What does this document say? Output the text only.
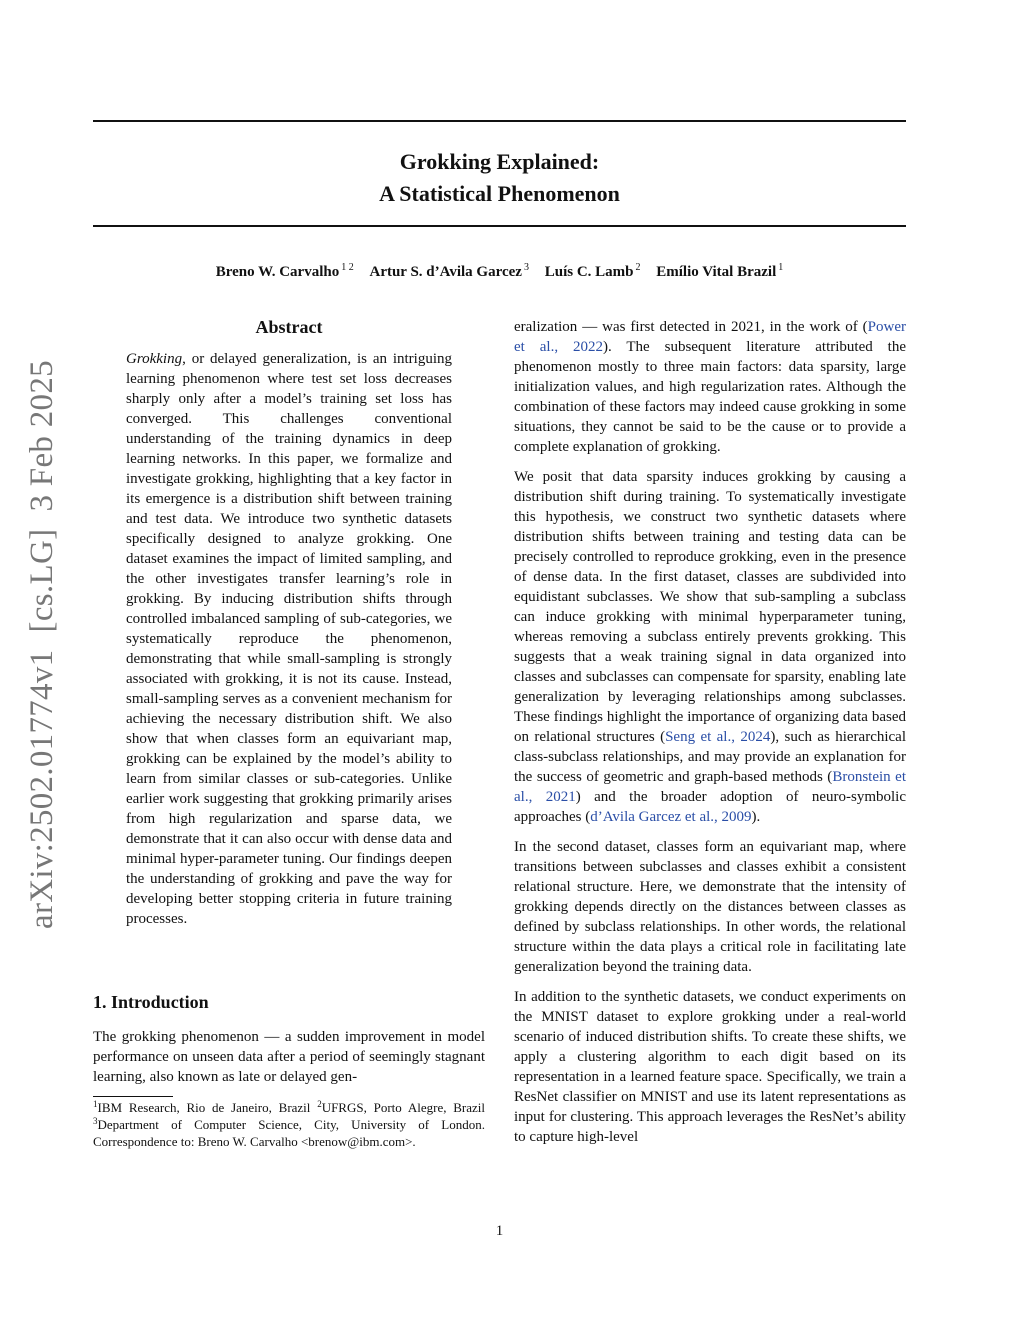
Grokking Explained:
A Statistical Phenomenon
Breno W. Carvalho $^{1 2}$ Artur S. d’Avila Garcez $^3$ Luís C. Lamb $^2$ Emílio Vital Brazil $^1$
arXiv:2502.01774v1  [cs.LG]  3 Feb 2025
Abstract

Grokking, or delayed generalization, is an intriguing learning phenomenon where test set loss decreases sharply only after a model’s training set loss has converged. This challenges conventional understanding of the training dynamics in deep learning networks. In this paper, we formalize and investigate grokking, highlighting that a key factor in its emergence is a distribution shift between training and test data. We introduce two synthetic datasets specifically designed to analyze grokking. One dataset examines the impact of limited sampling, and the other investigates transfer learning’s role in grokking. By inducing distribution shifts through controlled imbalanced sampling of sub-categories, we systematically reproduce the phenomenon, demonstrating that while small-sampling is strongly associated with grokking, it is not its cause. Instead, small-sampling serves as a convenient mechanism for achieving the necessary distribution shift. We also show that when classes form an equivariant map, grokking can be explained by the model’s ability to learn from similar classes or sub-categories. Unlike earlier work suggesting that grokking primarily arises from high regularization and sparse data, we demonstrate that it can also occur with dense data and minimal hyper-parameter tuning. Our findings deepen the understanding of grokking and pave the way for developing better stopping criteria in future training processes.

1. Introduction

The grokking phenomenon — a sudden improvement in model performance on unseen data after a period of seemingly stagnant learning, also known as late or delayed gen-

$^1$IBM Research, Rio de Janeiro, Brazil $^2$UFRGS, Porto Alegre, Brazil $^3$Department of Computer Science, City, University of London. Correspondence to: Breno W. Carvalho <brenow@ibm.com>.

eralization — was first detected in 2021, in the work of (Power et al., 2022). The subsequent literature attributed the phenomenon mostly to three main factors: data sparsity, large initialization values, and high regularization rates. Although the combination of these factors may indeed cause grokking in some situations, they cannot be said to be the cause or to provide a complete explanation of grokking.

We posit that data sparsity induces grokking by causing a distribution shift during training. To systematically investigate this hypothesis, we construct two synthetic datasets where distribution shifts between training and testing data can be precisely controlled to reproduce grokking, even in the presence of dense data. In the first dataset, classes are subdivided into equidistant subclasses. We show that sub-sampling a subclass can induce grokking with minimal hyperparameter tuning, whereas removing a subclass entirely prevents grokking. This suggests that a weak training signal in data organized into classes and subclasses can compensate for sparsity, enabling late generalization by leveraging relationships among subclasses. These findings highlight the importance of organizing data based on relational structures (Seng et al., 2024), such as hierarchical class-subclass relationships, and may provide an explanation for the success of geometric and graph-based methods (Bronstein et al., 2021) and the broader adoption of neuro-symbolic approaches (d’Avila Garcez et al., 2009).

In the second dataset, classes form an equivariant map, where transitions between subclasses and classes exhibit a consistent relational structure. Here, we demonstrate that the intensity of grokking depends directly on the distances between classes as defined by subclass relationships. In other words, the relational structure within the data plays a critical role in facilitating late generalization beyond the training data.

In addition to the synthetic datasets, we conduct experiments on the MNIST dataset to explore grokking under a real-world scenario of induced distribution shifts. To create these shifts, we apply a clustering algorithm to each digit based on its representation in a learned feature space. Specifically, we train a ResNet classifier on MNIST and use its latent representations as input for clustering. This approach leverages the ResNet’s ability to capture high-level

1
